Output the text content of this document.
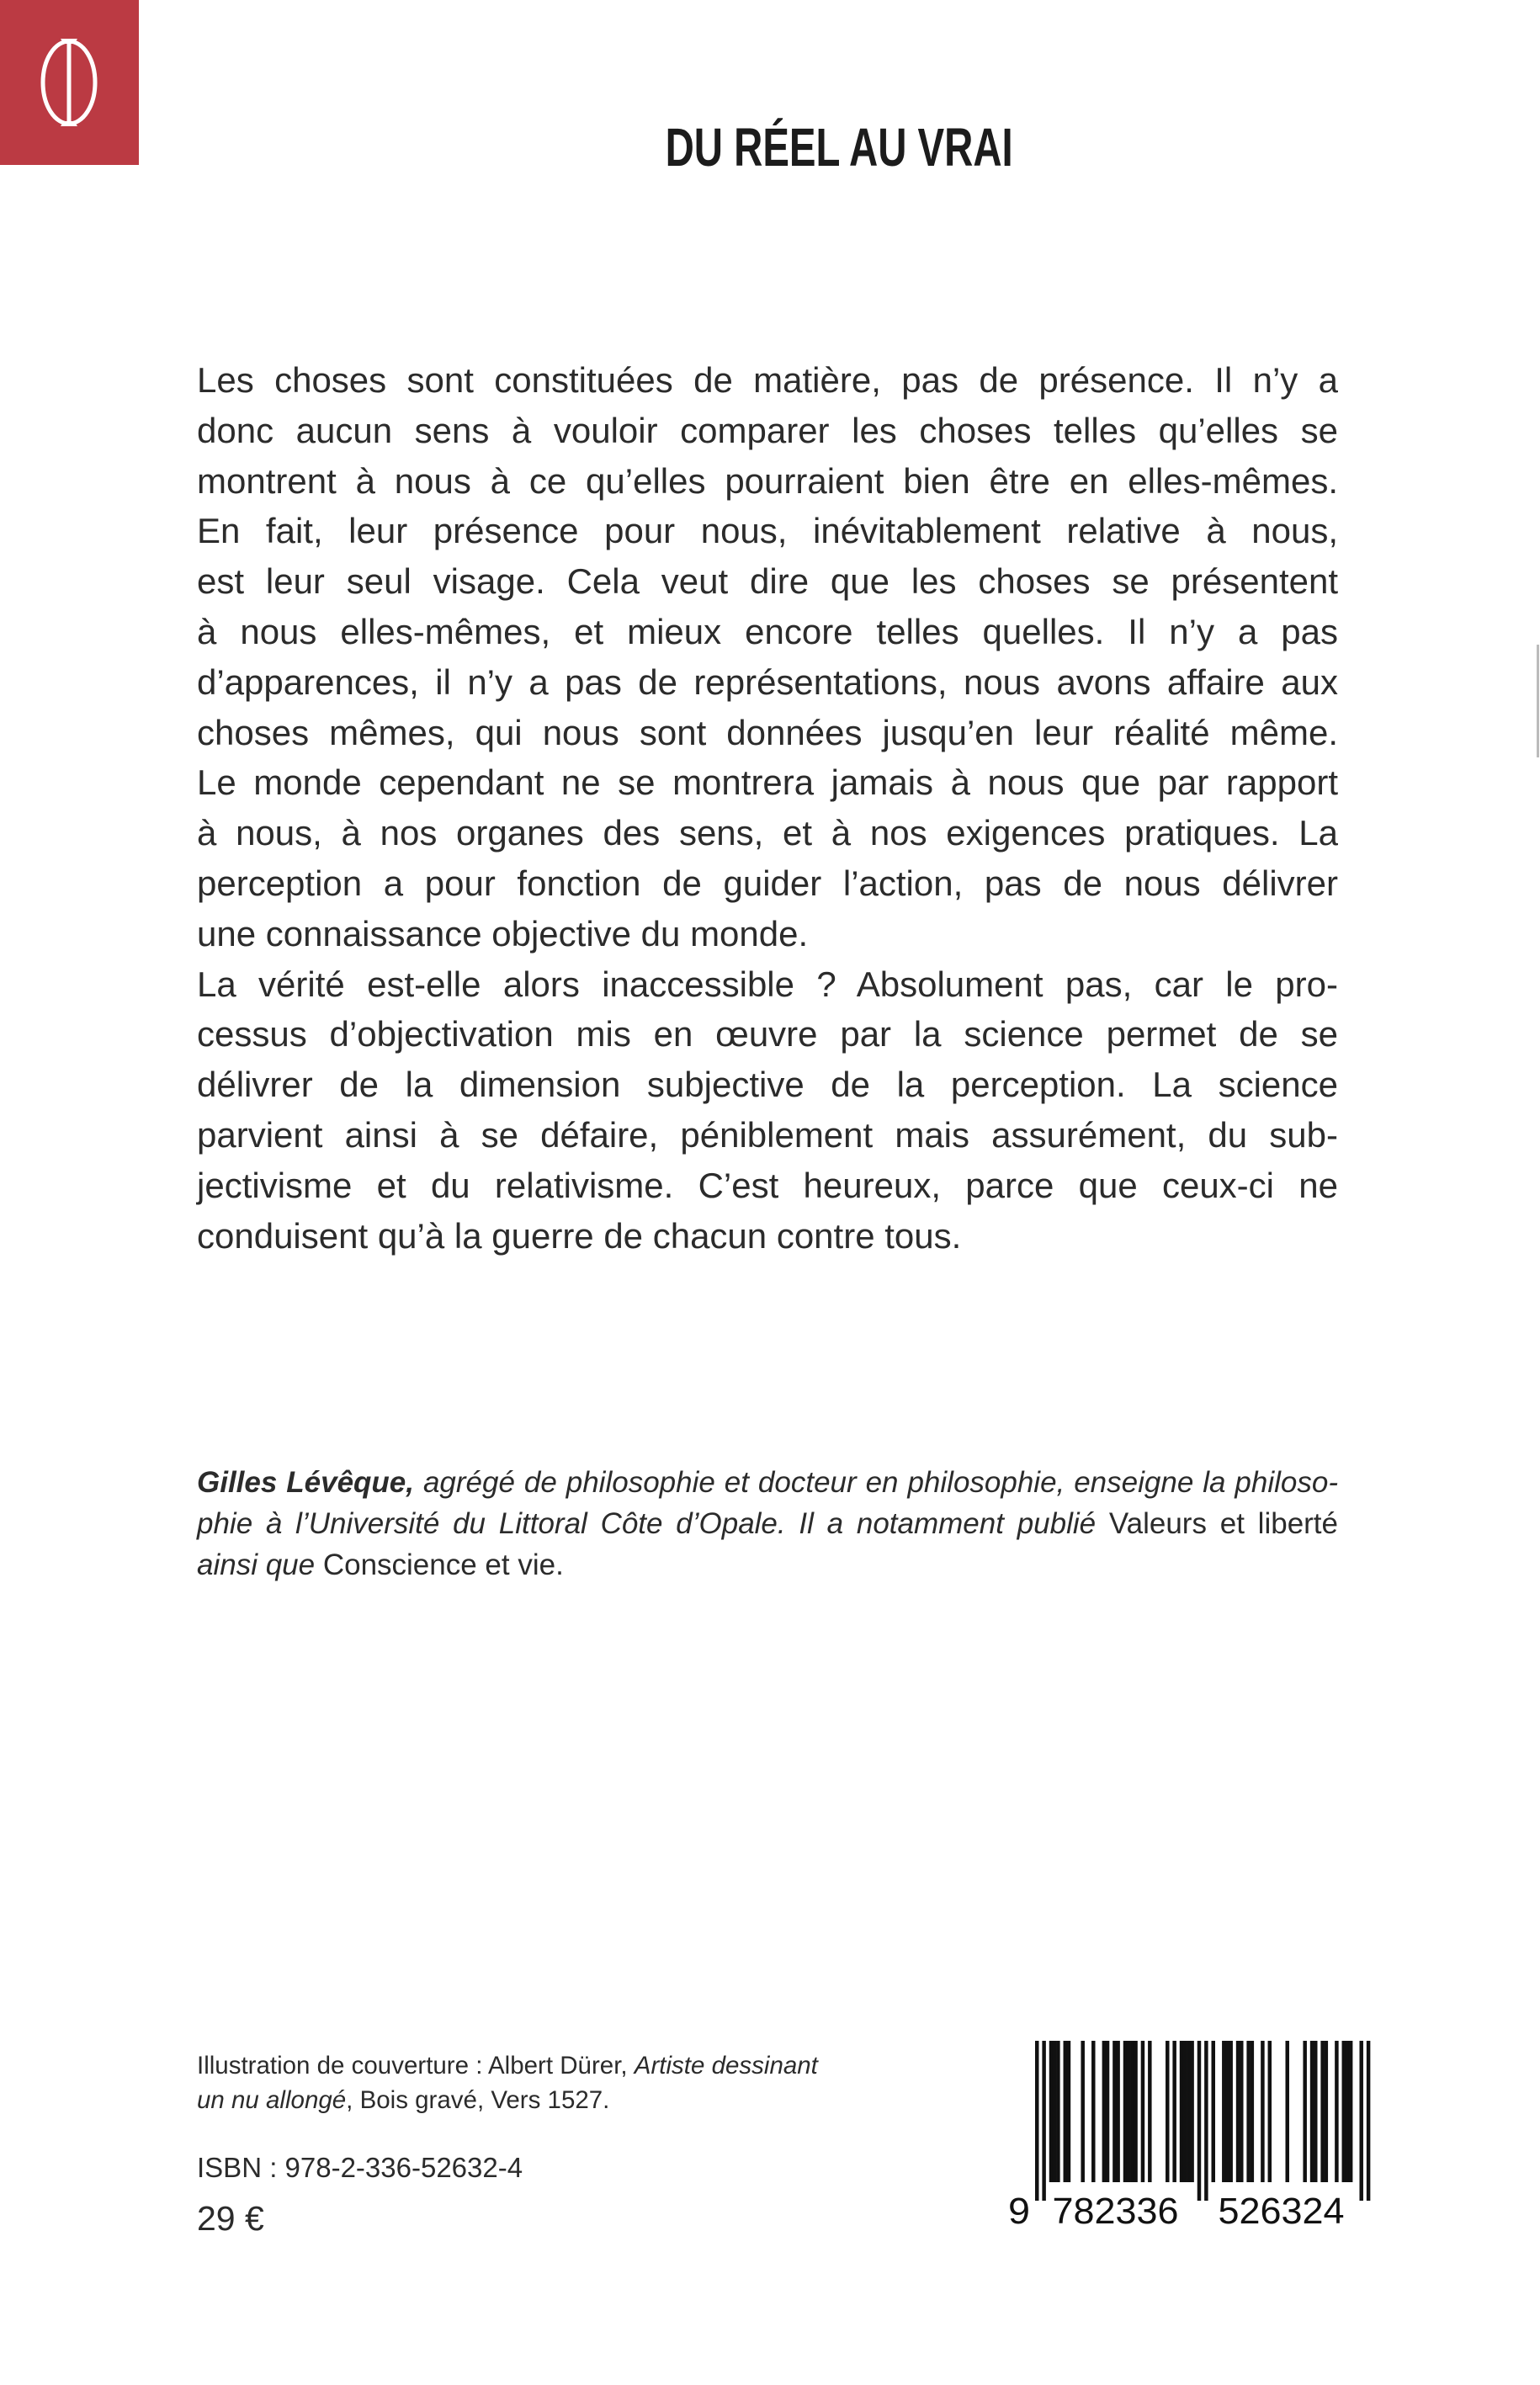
DU RÉEL AU VRAI
Les choses sont constituées de matière, pas de présence. Il n’y a
donc aucun sens à vouloir comparer les choses telles qu’elles se
montrent à nous à ce qu’elles pourraient bien être en elles-mêmes.
En fait, leur présence pour nous, inévitablement relative à nous,
est leur seul visage. Cela veut dire que les choses se présentent
à nous elles-mêmes, et mieux encore telles quelles. Il n’y a pas
d’apparences, il n’y a pas de représentations, nous avons affaire aux
choses mêmes, qui nous sont données jusqu’en leur réalité même.
Le monde cependant ne se montrera jamais à nous que par rapport
à nous, à nos organes des sens, et à nos exigences pratiques. La
perception a pour fonction de guider l’action, pas de nous délivrer
une connaissance objective du monde.
La vérité est-elle alors inaccessible ? Absolument pas, car le pro-
cessus d’objectivation mis en œuvre par la science permet de se
délivrer de la dimension subjective de la perception. La science
parvient ainsi à se défaire, péniblement mais assurément, du sub-
jectivisme et du relativisme. C’est heureux, parce que ceux-ci ne
conduisent qu’à la guerre de chacun contre tous.
Gilles Lévêque, agrégé de philosophie et docteur en philosophie, enseigne la philoso-
phie à l’Université du Littoral Côte d’Opale. Il a notamment publié Valeurs et liberté
ainsi que Conscience et vie.
Illustration de couverture : Albert Dürer, Artiste dessinant
un nu allongé, Bois gravé, Vers 1527.
ISBN : 978-2-336-52632-4
29 €	9 782336 526324
